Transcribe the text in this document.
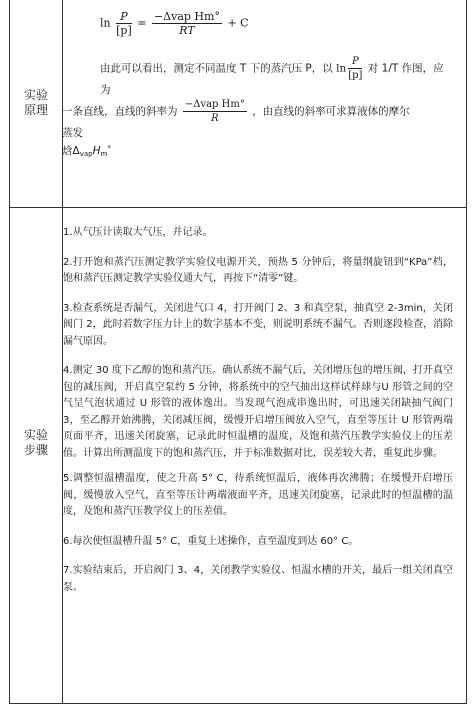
实验
原理
实验
步骤
$\ln \frac{P}{[p]} = \frac{\text{−Δvap Hm°}}{RT} + C$
由此可以看出，测定不同温度 T 下的蒸汽压 P，以 $\ln \frac{P}{[p]}$ 对 1/T 作图，应为
一条直线，直线的斜率为 $\frac{\text{−Δvap Hm°}}{R}$ ，由直线的斜率可求算液体的摩尔蒸发
焓$\Delta_{vap}H_m^*$

1.从气压计读取大气压，并记录。

2.打开饱和蒸汽压测定教学实验仪电源开关，预热 5 分钟后，将量纲旋钮到“KPa”档，饱和蒸汽压测定教学实验仪通大气，再按下“清零”键。

3.检查系统是否漏气，关闭进气口 4，打开阀门 2、3 和真空泵，抽真空 2-3min，关闭阀门 2，此时若数字压力计上的数字基本不变，则说明系统不漏气。否则逐段检查，消除漏气原因。

4.测定 30 度下乙醇的饱和蒸汽压。确认系统不漏气后，关闭增压包的增压阀，打开真空包的减压阀，开启真空泵约 5 分钟，将系统中的空气抽出这样试样球与U 形管之间的空气呈气泡状通过 U 形管的液体逸出。当发现气泡成串逸出时，可迅速关闭缺抽气阀门 3，至乙醇开始沸腾，关闭减压阀，缓慢开启增压阀放入空气，直至等压计 U 形管两端页面平齐，迅速关闭旋塞，记录此时恒温槽的温度，及饱和蒸汽压教学实验仪上的压差值。计算出所测温度下的饱和蒸汽压，并于标准数据对比，误差较大者，重复此步骤。

5.调整恒温槽温度，使之升高 5° C，待系统恒温后，液体再次沸腾；在缓慢开启增压阀，缓慢放入空气，直至等压计两端液面平齐，迅速关闭旋塞，记录此时的恒温槽的温度，及饱和蒸汽压教学仪上的压差值。

6.每次使恒温槽升温 5° C，重复上述操作，直至温度到达 60° C。

7.实验结束后，开启阀门 3、4，关闭教学实验仪、恒温水槽的开关，最后一组关闭真空泵。
